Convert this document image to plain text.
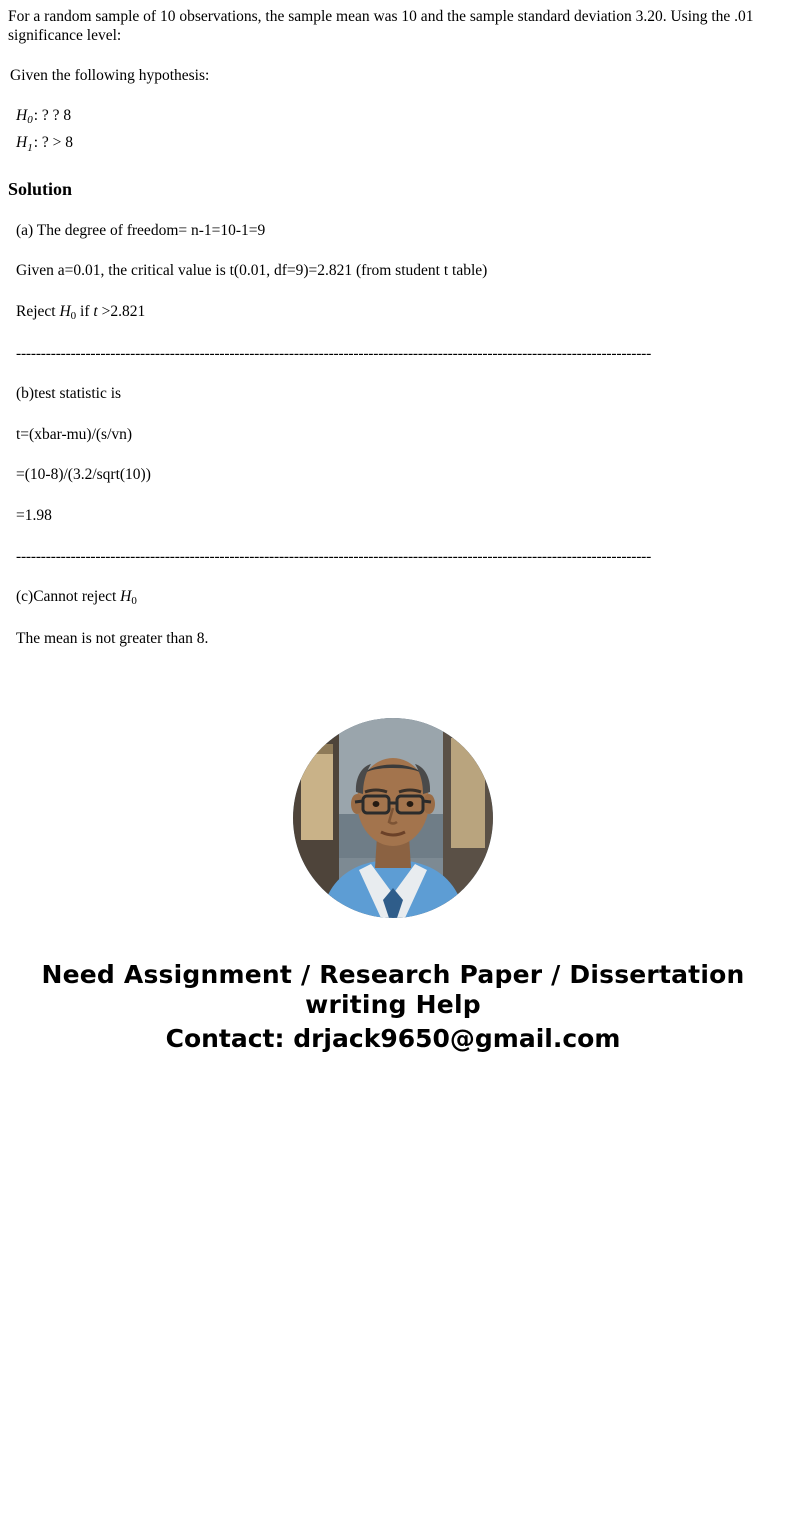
For a random sample of 10 observations, the sample mean was 10 and the sample standard deviation 3.20. Using the .01 significance level:

Given the following hypothesis:

$H_0$: ? ? 8

$H_1$: ? > 8

Solution

(a) The degree of freedom= n-1=10-1=9

Given a=0.01, the critical value is t(0.01, df=9)=2.821 (from student t table)

Reject $H_0$ if t >2.821

--------------------------------------------------------------------------------------------------------------------------------

(b)test statistic is

t=(xbar-mu)/(s/vn)

=(10-8)/(3.2/sqrt(10))

=1.98

--------------------------------------------------------------------------------------------------------------------------------

(c)Cannot reject $H_0$

The mean is not greater than 8.

Need Assignment / Research Paper / Dissertation
writing Help
Contact: drjack9650@gmail.com
